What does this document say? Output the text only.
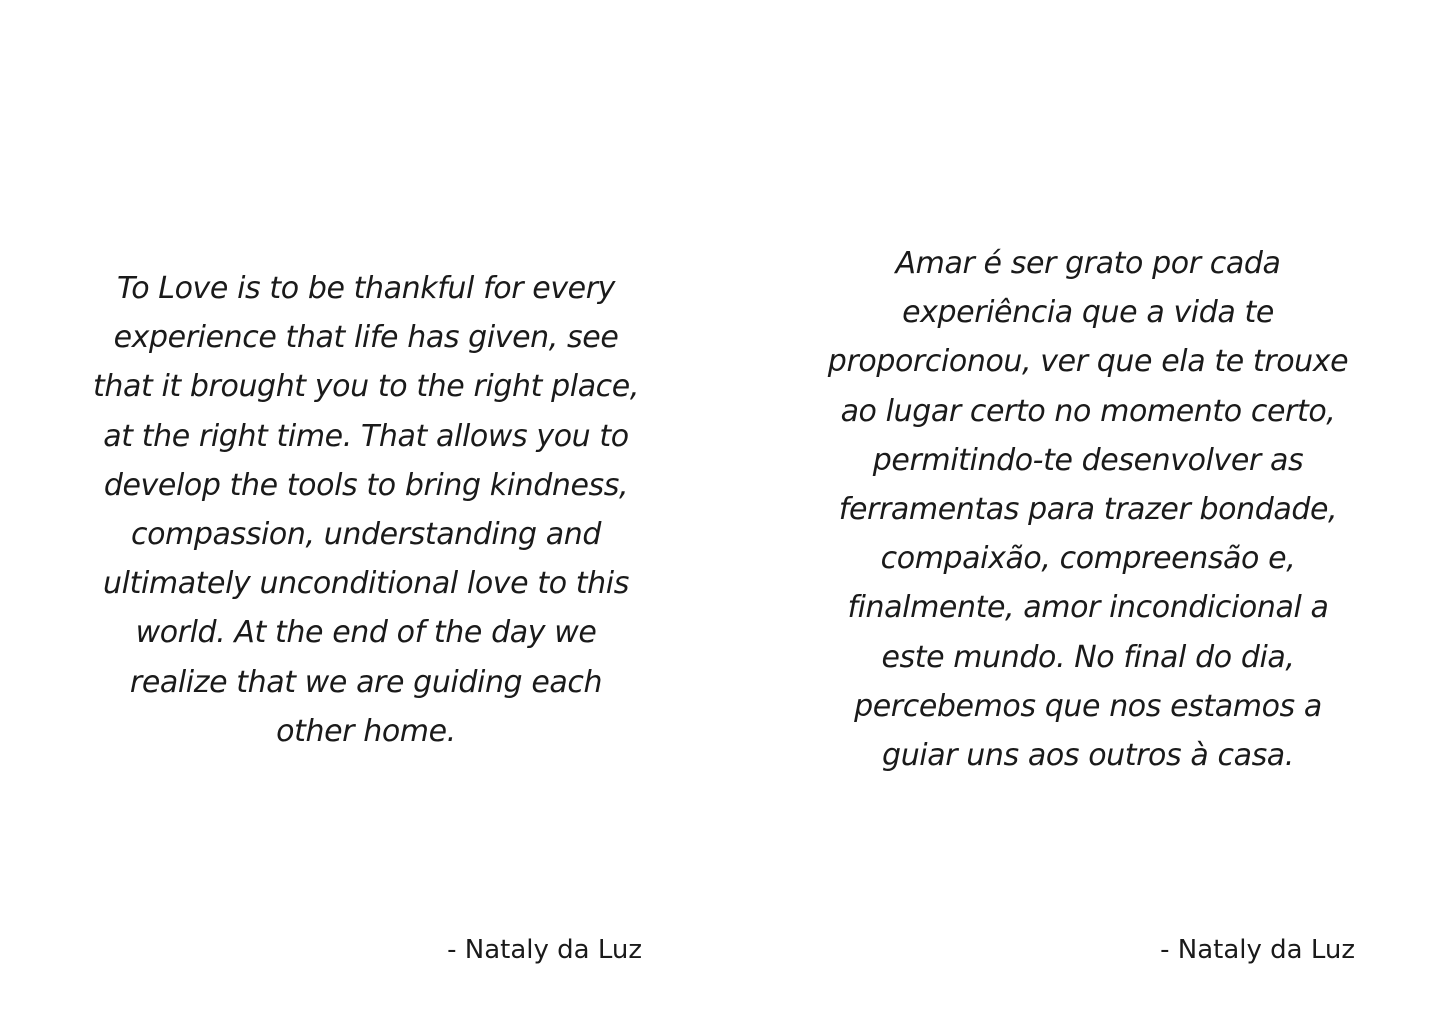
To Love is to be thankful for every
experience that life has given, see
that it brought you to the right place,
at the right time. That allows you to
develop the tools to bring kindness,
compassion, understanding and
ultimately unconditional love to this
world. At the end of the day we
realize that we are guiding each
other home.

- Nataly da Luz

Amar é ser grato por cada
experiência que a vida te
proporcionou, ver que ela te trouxe
ao lugar certo no momento certo,
permitindo-te desenvolver as
ferramentas para trazer bondade,
compaixão, compreensão e,
finalmente, amor incondicional a
este mundo. No final do dia,
percebemos que nos estamos a
guiar uns aos outros à casa.

- Nataly da Luz
